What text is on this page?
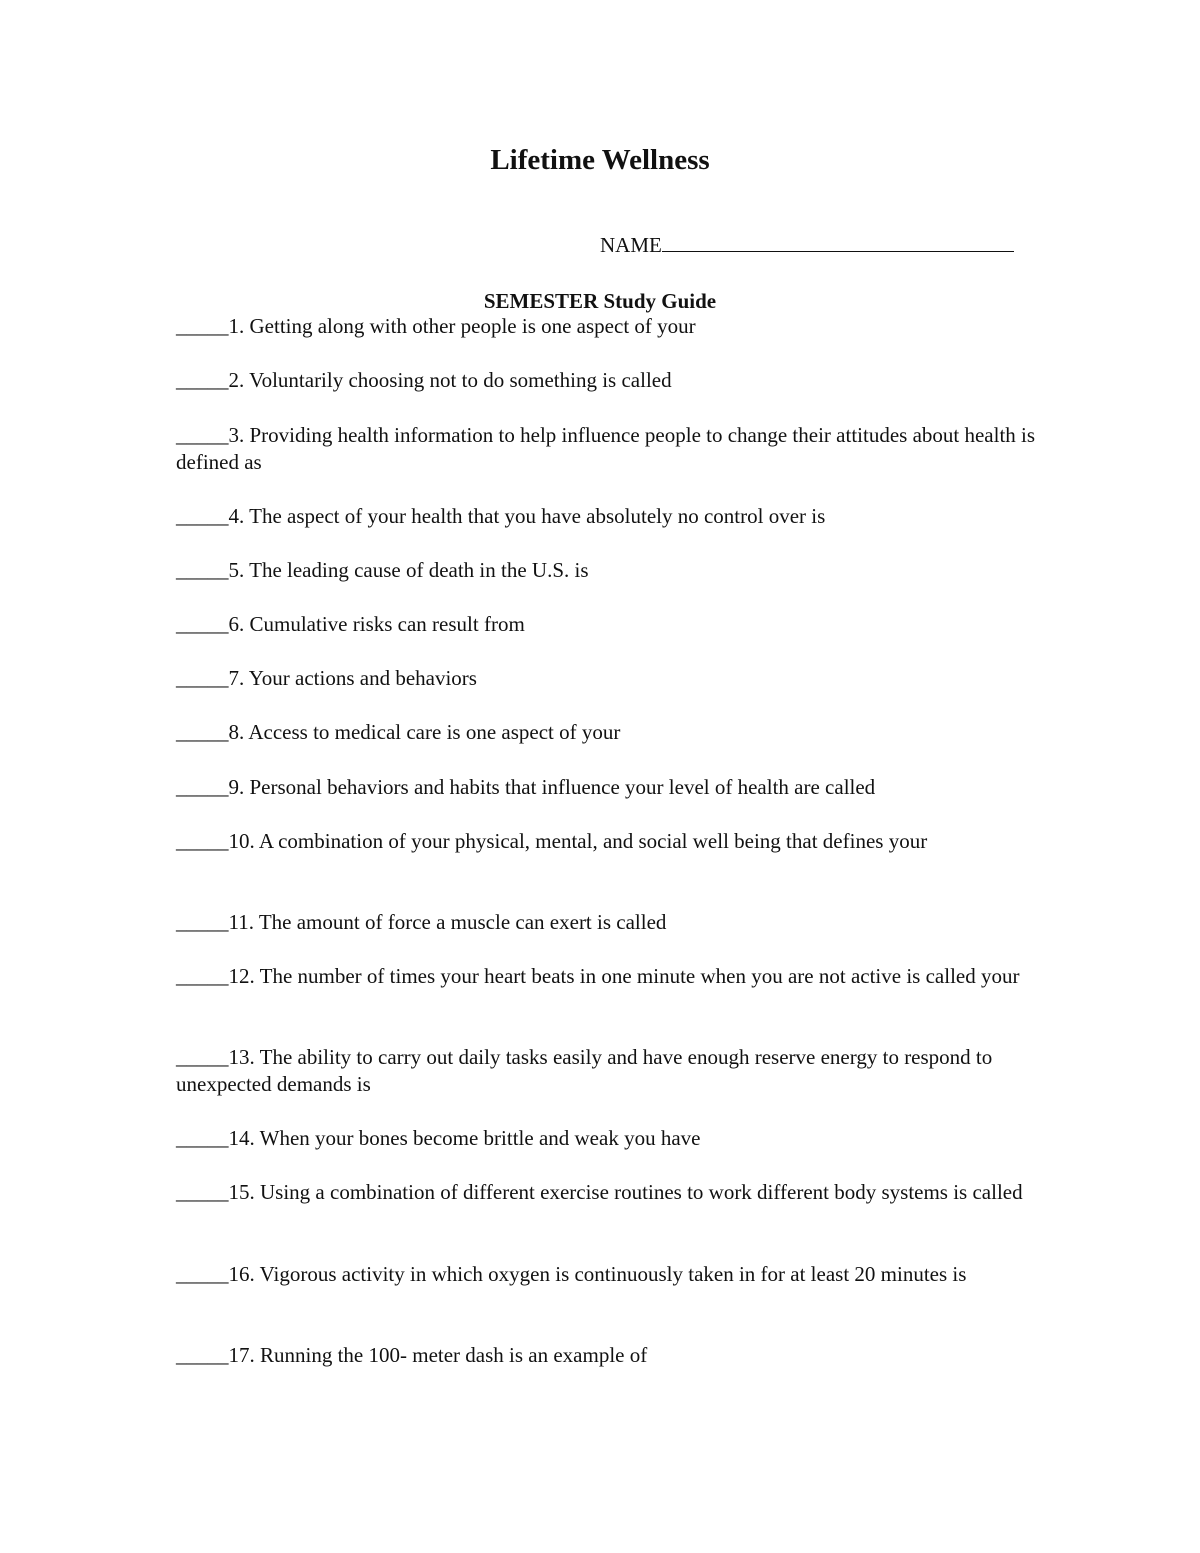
Lifetime Wellness
NAME
SEMESTER Study Guide
_____1. Getting along with other people is one aspect of your
_____2. Voluntarily choosing not to do something is called
_____3. Providing health information to help influence people to change their attitudes about health is defined as
_____4. The aspect of your health that you have absolutely no control over is
_____5. The leading cause of death in the U.S. is
_____6. Cumulative risks can result from
_____7. Your actions and behaviors
_____8. Access to medical care is one aspect of your
_____9. Personal behaviors and habits that influence your level of health are called
_____10. A combination of your physical, mental, and social well being that defines your
_____11. The amount of force a muscle can exert is called
_____12. The number of times your heart beats in one minute when you are not active is called your
_____13. The ability to carry out daily tasks easily and have enough reserve energy to respond to unexpected demands is
_____14. When your bones become brittle and weak you have
_____15. Using a combination of different exercise routines to work different body systems is called
_____16. Vigorous activity in which oxygen is continuously taken in for at least 20 minutes is
_____17. Running the 100- meter dash is an example of
